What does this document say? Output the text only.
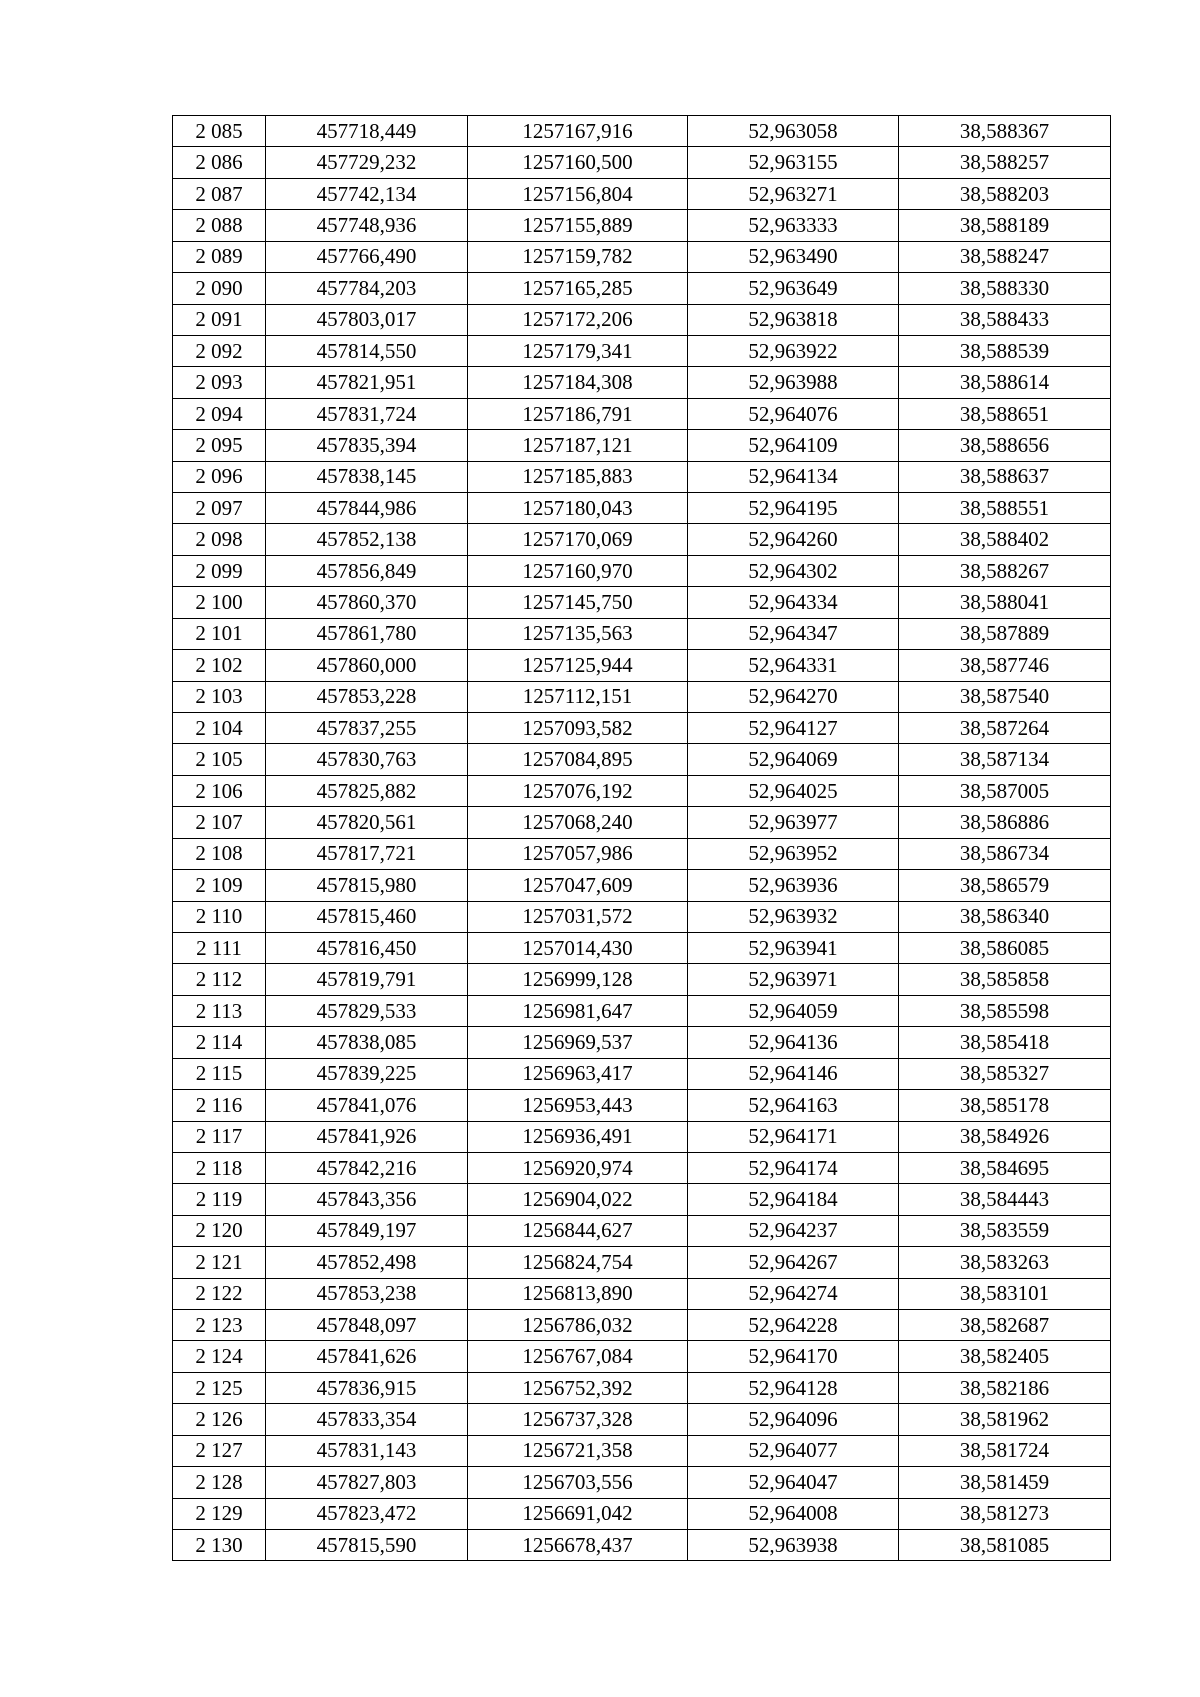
2 085	457718,449	1257167,916	52,963058	38,588367
2 086	457729,232	1257160,500	52,963155	38,588257
2 087	457742,134	1257156,804	52,963271	38,588203
2 088	457748,936	1257155,889	52,963333	38,588189
2 089	457766,490	1257159,782	52,963490	38,588247
2 090	457784,203	1257165,285	52,963649	38,588330
2 091	457803,017	1257172,206	52,963818	38,588433
2 092	457814,550	1257179,341	52,963922	38,588539
2 093	457821,951	1257184,308	52,963988	38,588614
2 094	457831,724	1257186,791	52,964076	38,588651
2 095	457835,394	1257187,121	52,964109	38,588656
2 096	457838,145	1257185,883	52,964134	38,588637
2 097	457844,986	1257180,043	52,964195	38,588551
2 098	457852,138	1257170,069	52,964260	38,588402
2 099	457856,849	1257160,970	52,964302	38,588267
2 100	457860,370	1257145,750	52,964334	38,588041
2 101	457861,780	1257135,563	52,964347	38,587889
2 102	457860,000	1257125,944	52,964331	38,587746
2 103	457853,228	1257112,151	52,964270	38,587540
2 104	457837,255	1257093,582	52,964127	38,587264
2 105	457830,763	1257084,895	52,964069	38,587134
2 106	457825,882	1257076,192	52,964025	38,587005
2 107	457820,561	1257068,240	52,963977	38,586886
2 108	457817,721	1257057,986	52,963952	38,586734
2 109	457815,980	1257047,609	52,963936	38,586579
2 110	457815,460	1257031,572	52,963932	38,586340
2 111	457816,450	1257014,430	52,963941	38,586085
2 112	457819,791	1256999,128	52,963971	38,585858
2 113	457829,533	1256981,647	52,964059	38,585598
2 114	457838,085	1256969,537	52,964136	38,585418
2 115	457839,225	1256963,417	52,964146	38,585327
2 116	457841,076	1256953,443	52,964163	38,585178
2 117	457841,926	1256936,491	52,964171	38,584926
2 118	457842,216	1256920,974	52,964174	38,584695
2 119	457843,356	1256904,022	52,964184	38,584443
2 120	457849,197	1256844,627	52,964237	38,583559
2 121	457852,498	1256824,754	52,964267	38,583263
2 122	457853,238	1256813,890	52,964274	38,583101
2 123	457848,097	1256786,032	52,964228	38,582687
2 124	457841,626	1256767,084	52,964170	38,582405
2 125	457836,915	1256752,392	52,964128	38,582186
2 126	457833,354	1256737,328	52,964096	38,581962
2 127	457831,143	1256721,358	52,964077	38,581724
2 128	457827,803	1256703,556	52,964047	38,581459
2 129	457823,472	1256691,042	52,964008	38,581273
2 130	457815,590	1256678,437	52,963938	38,581085
